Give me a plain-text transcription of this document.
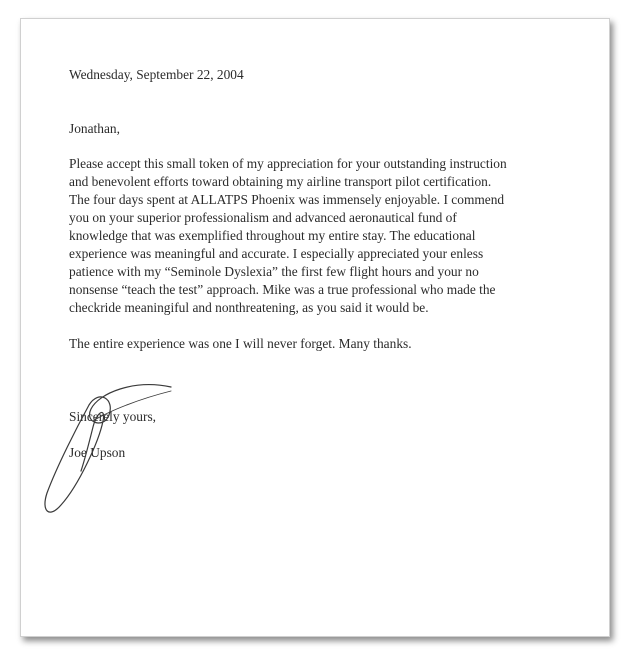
Wednesday, September 22, 2004
Jonathan,
Please accept this small token of my appreciation for your outstanding instruction
and benevolent efforts toward obtaining my airline transport pilot certification.
The four days spent at ALLATPS Phoenix was immensely enjoyable. I commend
you on your superior professionalism and advanced aeronautical fund of
knowledge that was exemplified throughout my entire stay. The educational
experience was meaningful and accurate. I especially appreciated your enless
patience with my “Seminole Dyslexia” the first few flight hours and your no
nonsense “teach the test” approach. Mike was a true professional who made the
checkride meaningiful and nonthreatening, as you said it would be.
The entire experience was one I will never forget. Many thanks.
Sincerely yours,
Joe Upson
